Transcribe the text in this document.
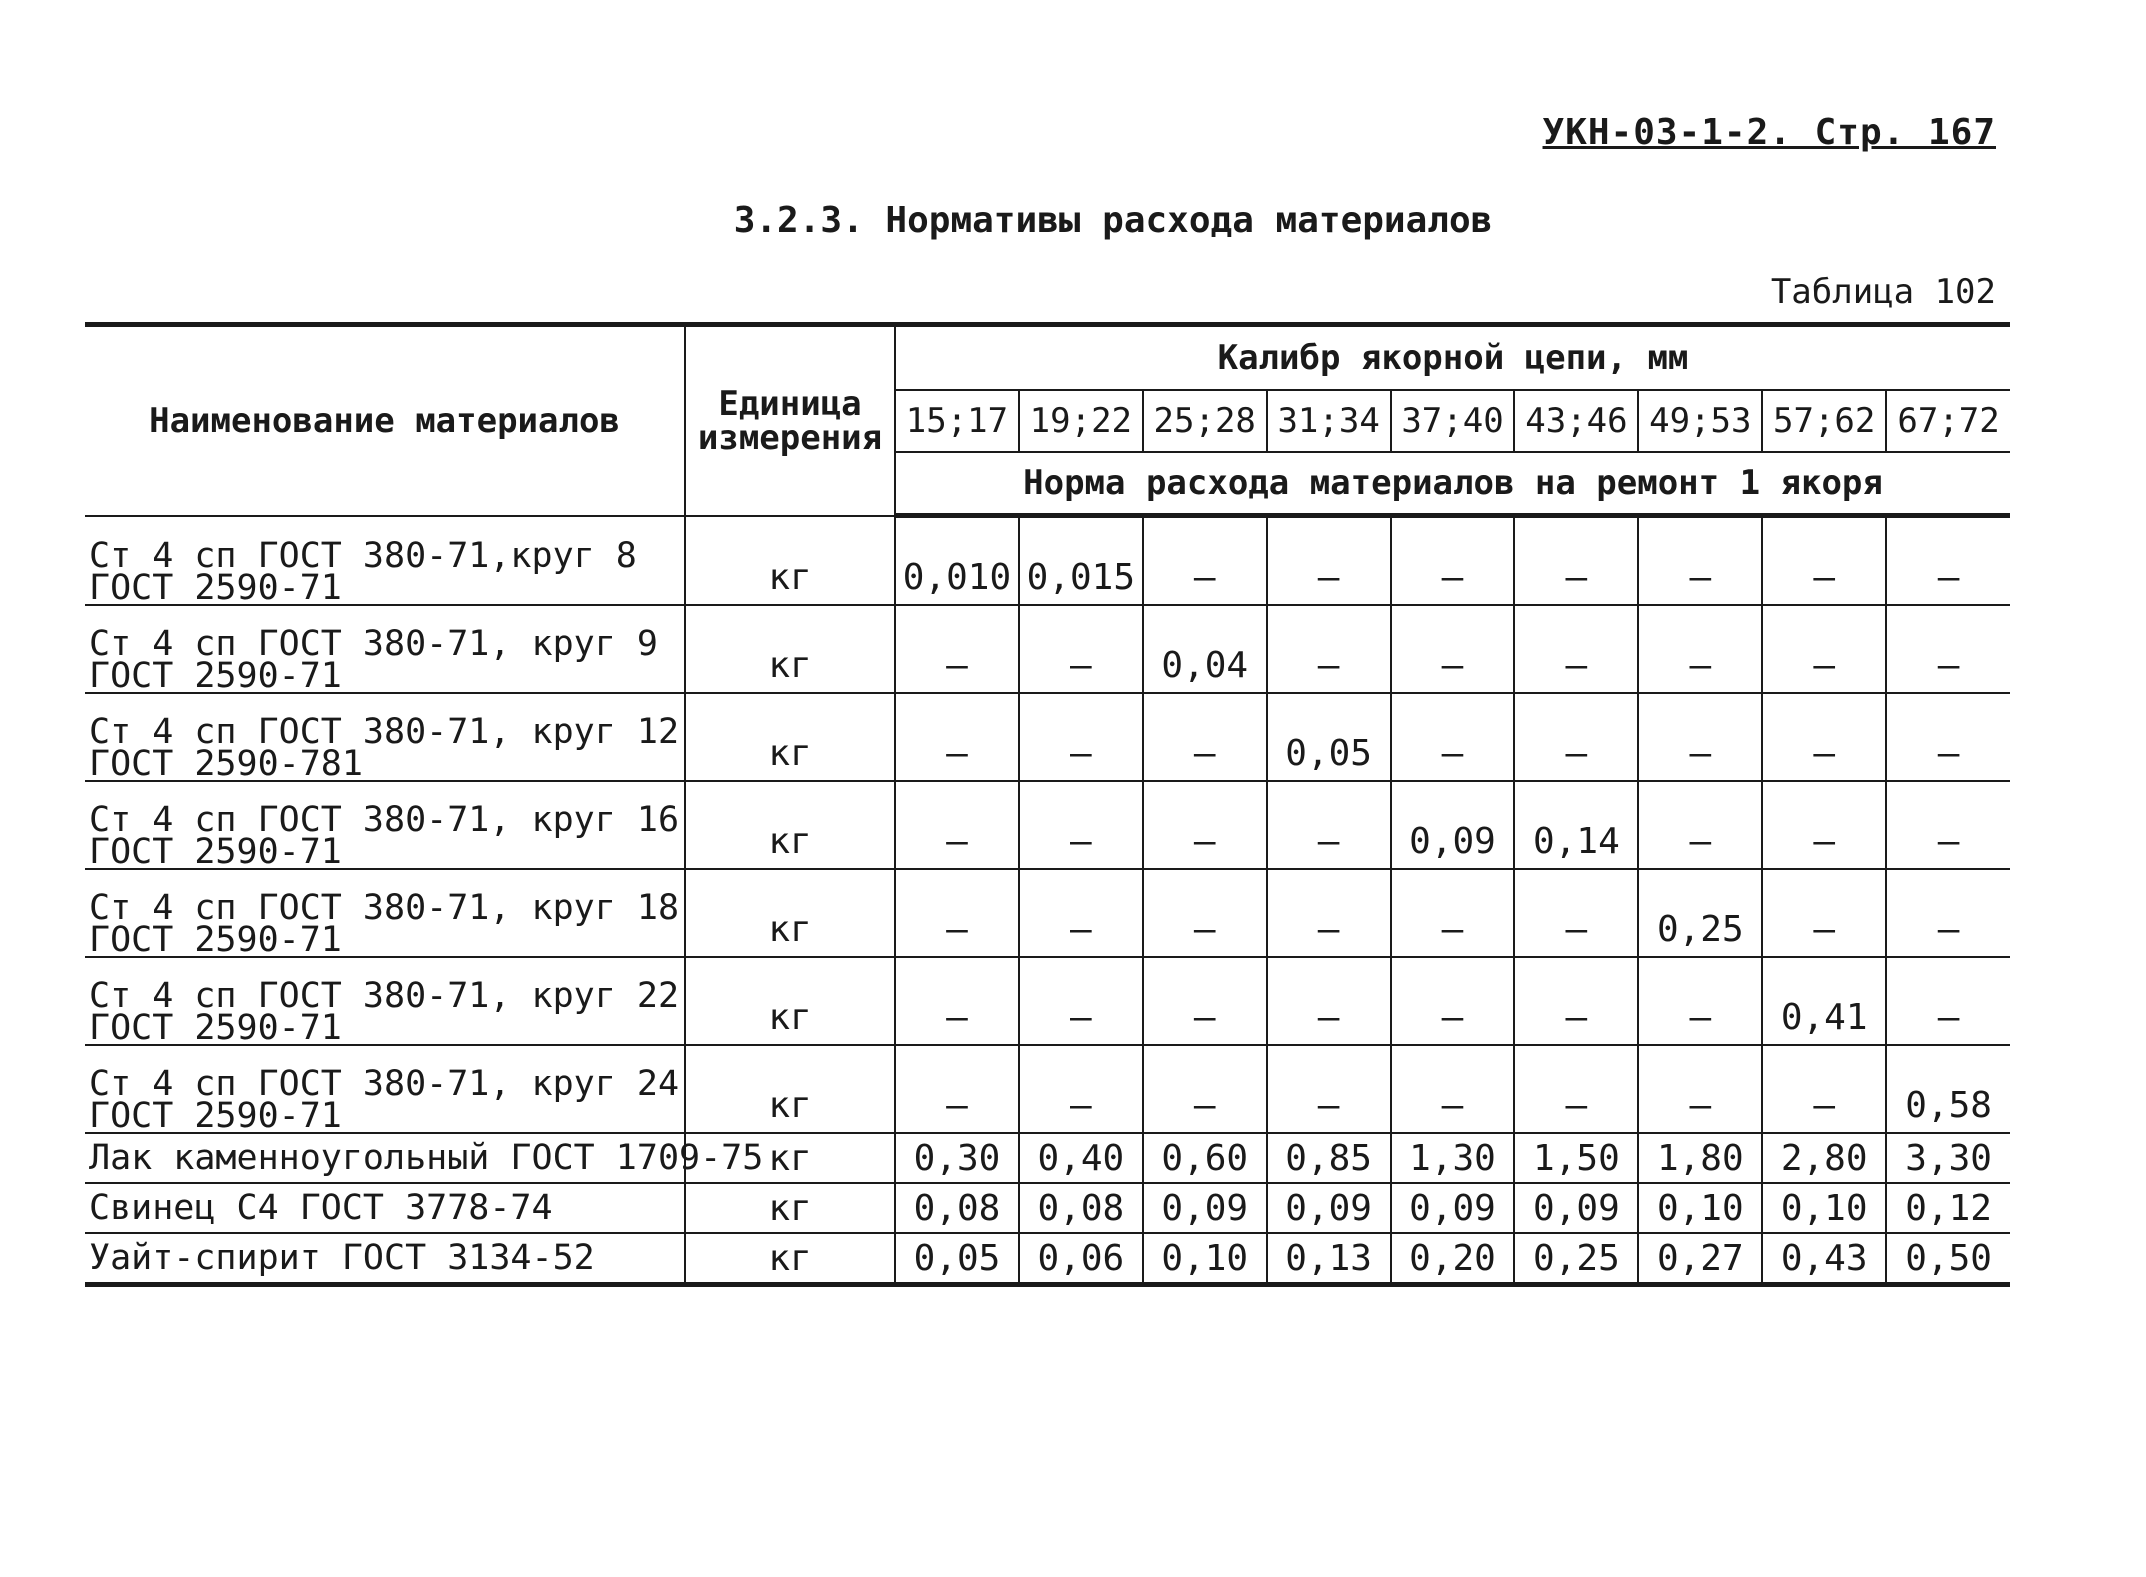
УКН-03-1-2. Стр. 167
3.2.3. Нормативы расхода материалов
Таблица 102
Наименование материалов	Единица измерения	Калибр якорной цепи, мм								
		15;17	19;22	25;28	31;34	37;40	43;46	49;53	57;62	67;72
		Норма расхода материалов на ремонт 1 якоря								

Ст 4 сп ГОСТ 380-71,круг 8
ГОСТ 2590-71	кг	0,010	0,015	–	–	–	–	–	–	–

Ст 4 сп ГОСТ 380-71, круг 9
ГОСТ 2590-71	кг	–	–	0,04	–	–	–	–	–	–

Ст 4 сп ГОСТ 380-71, круг 12
ГОСТ 2590-781	кг	–	–	–	0,05	–	–	–	–	–

Ст 4 сп ГОСТ 380-71, круг 16
ГОСТ 2590-71	кг	–	–	–	–	0,09	0,14	–	–	–

Ст 4 сп ГОСТ 380-71, круг 18
ГОСТ 2590-71	кг	–	–	–	–	–	–	0,25	–	–

Ст 4 сп ГОСТ 380-71, круг 22
ГОСТ 2590-71	кг	–	–	–	–	–	–	–	0,41	–

Ст 4 сп ГОСТ 380-71, круг 24
ГОСТ 2590-71	кг	–	–	–	–	–	–	–	–	0,58

Лак каменноугольный ГОСТ 1709-75	кг	0,30	0,40	0,60	0,85	1,30	1,50	1,80	2,80	3,30

Свинец С4 ГОСТ 3778-74	кг	0,08	0,08	0,09	0,09	0,09	0,09	0,10	0,10	0,12

Уайт-спирит ГОСТ 3134-52	кг	0,05	0,06	0,10	0,13	0,20	0,25	0,27	0,43	0,50
